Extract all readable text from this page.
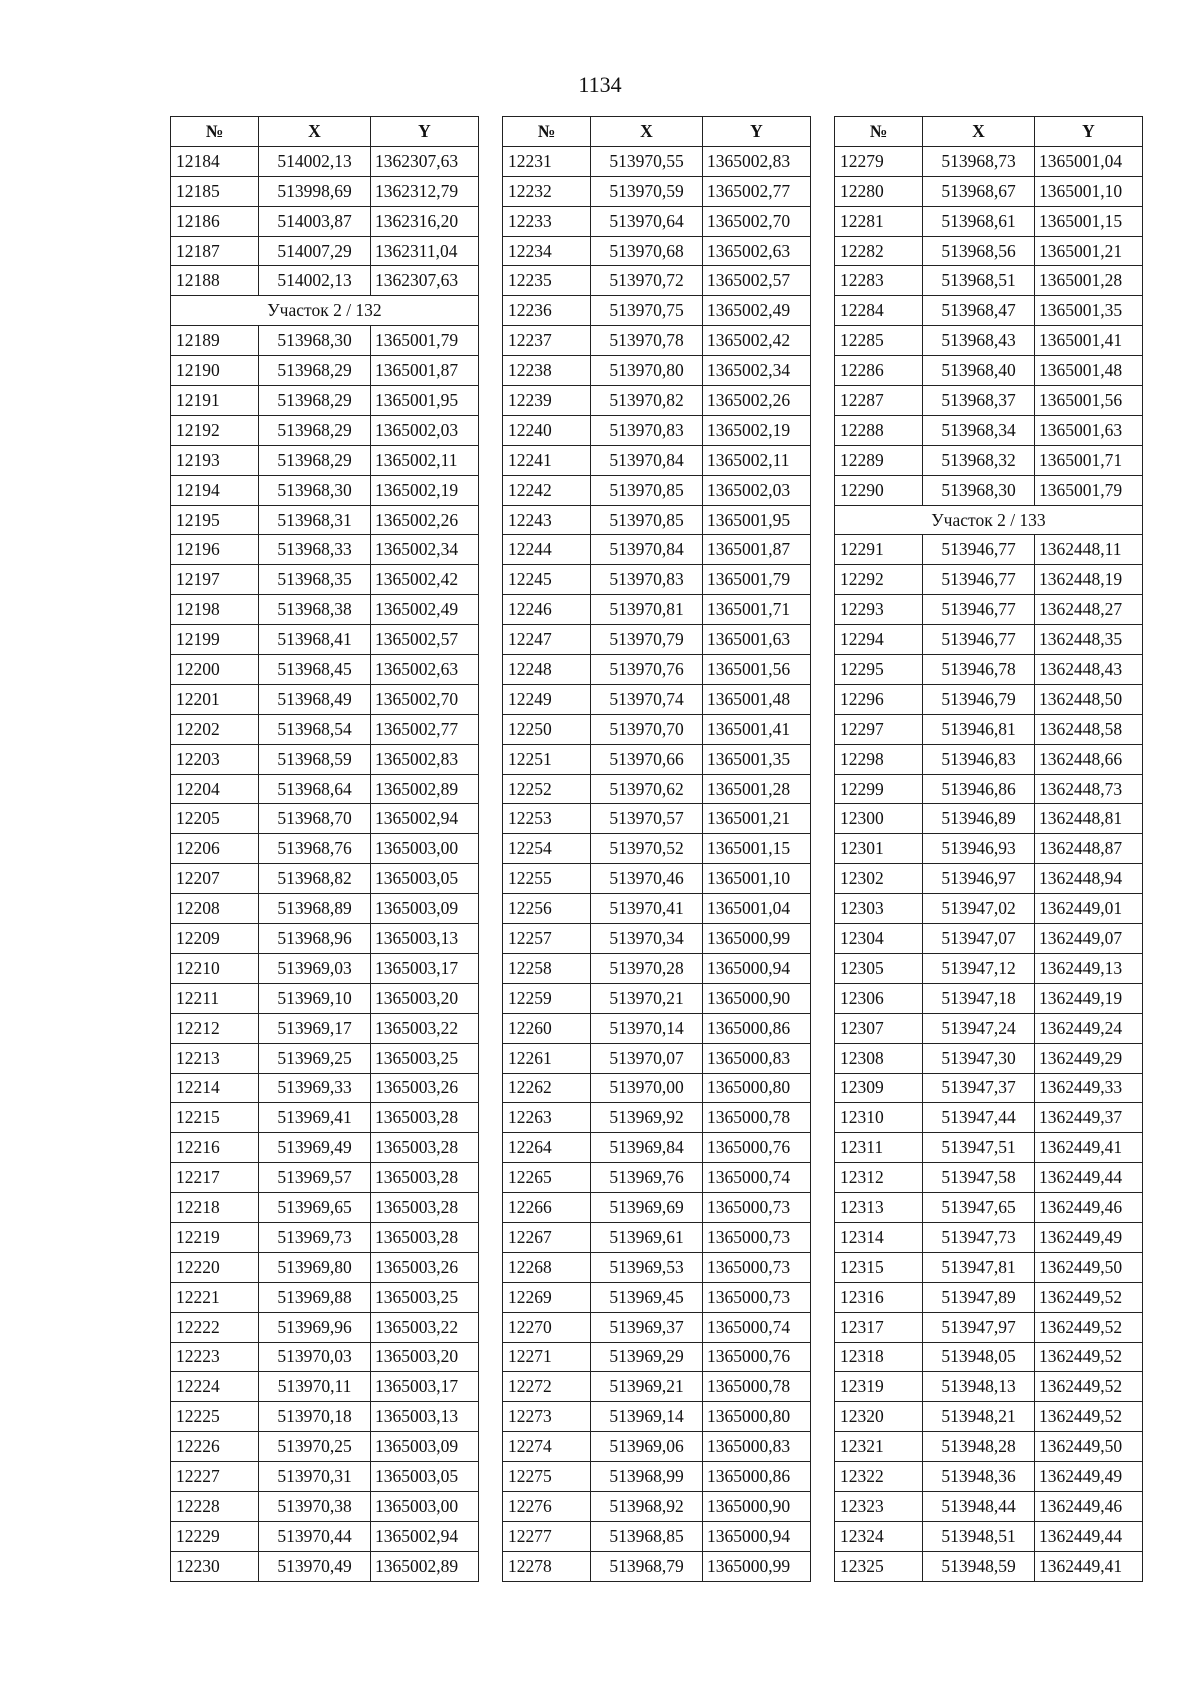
1134
№	X	Y
12184	514002,13	1362307,63
12185	513998,69	1362312,79
12186	514003,87	1362316,20
12187	514007,29	1362311,04
12188	514002,13	1362307,63
Участок 2 / 132		
12189	513968,30	1365001,79
12190	513968,29	1365001,87
12191	513968,29	1365001,95
12192	513968,29	1365002,03
12193	513968,29	1365002,11
12194	513968,30	1365002,19
12195	513968,31	1365002,26
12196	513968,33	1365002,34
12197	513968,35	1365002,42
12198	513968,38	1365002,49
12199	513968,41	1365002,57
12200	513968,45	1365002,63
12201	513968,49	1365002,70
12202	513968,54	1365002,77
12203	513968,59	1365002,83
12204	513968,64	1365002,89
12205	513968,70	1365002,94
12206	513968,76	1365003,00
12207	513968,82	1365003,05
12208	513968,89	1365003,09
12209	513968,96	1365003,13
12210	513969,03	1365003,17
12211	513969,10	1365003,20
12212	513969,17	1365003,22
12213	513969,25	1365003,25
12214	513969,33	1365003,26
12215	513969,41	1365003,28
12216	513969,49	1365003,28
12217	513969,57	1365003,28
12218	513969,65	1365003,28
12219	513969,73	1365003,28
12220	513969,80	1365003,26
12221	513969,88	1365003,25
12222	513969,96	1365003,22
12223	513970,03	1365003,20
12224	513970,11	1365003,17
12225	513970,18	1365003,13
12226	513970,25	1365003,09
12227	513970,31	1365003,05
12228	513970,38	1365003,00
12229	513970,44	1365002,94
12230	513970,49	1365002,89
№	X	Y
12231	513970,55	1365002,83
12232	513970,59	1365002,77
12233	513970,64	1365002,70
12234	513970,68	1365002,63
12235	513970,72	1365002,57
12236	513970,75	1365002,49
12237	513970,78	1365002,42
12238	513970,80	1365002,34
12239	513970,82	1365002,26
12240	513970,83	1365002,19
12241	513970,84	1365002,11
12242	513970,85	1365002,03
12243	513970,85	1365001,95
12244	513970,84	1365001,87
12245	513970,83	1365001,79
12246	513970,81	1365001,71
12247	513970,79	1365001,63
12248	513970,76	1365001,56
12249	513970,74	1365001,48
12250	513970,70	1365001,41
12251	513970,66	1365001,35
12252	513970,62	1365001,28
12253	513970,57	1365001,21
12254	513970,52	1365001,15
12255	513970,46	1365001,10
12256	513970,41	1365001,04
12257	513970,34	1365000,99
12258	513970,28	1365000,94
12259	513970,21	1365000,90
12260	513970,14	1365000,86
12261	513970,07	1365000,83
12262	513970,00	1365000,80
12263	513969,92	1365000,78
12264	513969,84	1365000,76
12265	513969,76	1365000,74
12266	513969,69	1365000,73
12267	513969,61	1365000,73
12268	513969,53	1365000,73
12269	513969,45	1365000,73
12270	513969,37	1365000,74
12271	513969,29	1365000,76
12272	513969,21	1365000,78
12273	513969,14	1365000,80
12274	513969,06	1365000,83
12275	513968,99	1365000,86
12276	513968,92	1365000,90
12277	513968,85	1365000,94
12278	513968,79	1365000,99
№	X	Y
12279	513968,73	1365001,04
12280	513968,67	1365001,10
12281	513968,61	1365001,15
12282	513968,56	1365001,21
12283	513968,51	1365001,28
12284	513968,47	1365001,35
12285	513968,43	1365001,41
12286	513968,40	1365001,48
12287	513968,37	1365001,56
12288	513968,34	1365001,63
12289	513968,32	1365001,71
12290	513968,30	1365001,79
Участок 2 / 133		
12291	513946,77	1362448,11
12292	513946,77	1362448,19
12293	513946,77	1362448,27
12294	513946,77	1362448,35
12295	513946,78	1362448,43
12296	513946,79	1362448,50
12297	513946,81	1362448,58
12298	513946,83	1362448,66
12299	513946,86	1362448,73
12300	513946,89	1362448,81
12301	513946,93	1362448,87
12302	513946,97	1362448,94
12303	513947,02	1362449,01
12304	513947,07	1362449,07
12305	513947,12	1362449,13
12306	513947,18	1362449,19
12307	513947,24	1362449,24
12308	513947,30	1362449,29
12309	513947,37	1362449,33
12310	513947,44	1362449,37
12311	513947,51	1362449,41
12312	513947,58	1362449,44
12313	513947,65	1362449,46
12314	513947,73	1362449,49
12315	513947,81	1362449,50
12316	513947,89	1362449,52
12317	513947,97	1362449,52
12318	513948,05	1362449,52
12319	513948,13	1362449,52
12320	513948,21	1362449,52
12321	513948,28	1362449,50
12322	513948,36	1362449,49
12323	513948,44	1362449,46
12324	513948,51	1362449,44
12325	513948,59	1362449,41
